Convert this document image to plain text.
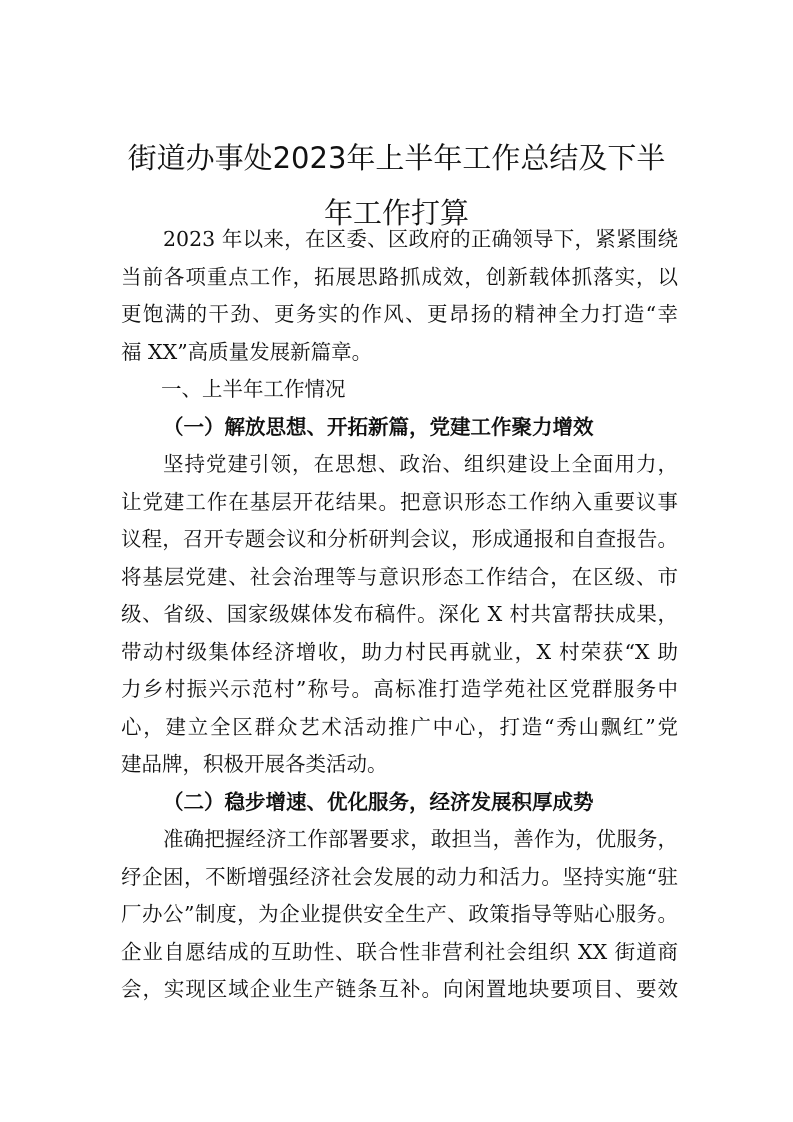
街道办事处2023年上半年工作总结及下半
年工作打算
2023 年以来，在区委、区政府的正确领导下，紧紧围绕
当前各项重点工作，拓展思路抓成效，创新载体抓落实，以
更饱满的干劲、更务实的作风、更昂扬的精神全力打造“幸
福 XX”高质量发展新篇章。
一、上半年工作情况
（一）解放思想、开拓新篇，党建工作聚力增效
坚持党建引领，在思想、政治、组织建设上全面用力，
让党建工作在基层开花结果。把意识形态工作纳入重要议事
议程，召开专题会议和分析研判会议，形成通报和自查报告。
将基层党建、社会治理等与意识形态工作结合，在区级、市
级、省级、国家级媒体发布稿件。深化 X 村共富帮扶成果，
带动村级集体经济增收，助力村民再就业，X 村荣获“X 助
力乡村振兴示范村”称号。高标准打造学苑社区党群服务中
心，建立全区群众艺术活动推广中心，打造“秀山飘红”党
建品牌，积极开展各类活动。
（二）稳步增速、优化服务，经济发展积厚成势
准确把握经济工作部署要求，敢担当，善作为，优服务，
纾企困，不断增强经济社会发展的动力和活力。坚持实施“驻
厂办公”制度，为企业提供安全生产、政策指导等贴心服务。
企业自愿结成的互助性、联合性非营利社会组织 XX 街道商
会，实现区域企业生产链条互补。向闲置地块要项目、要效
